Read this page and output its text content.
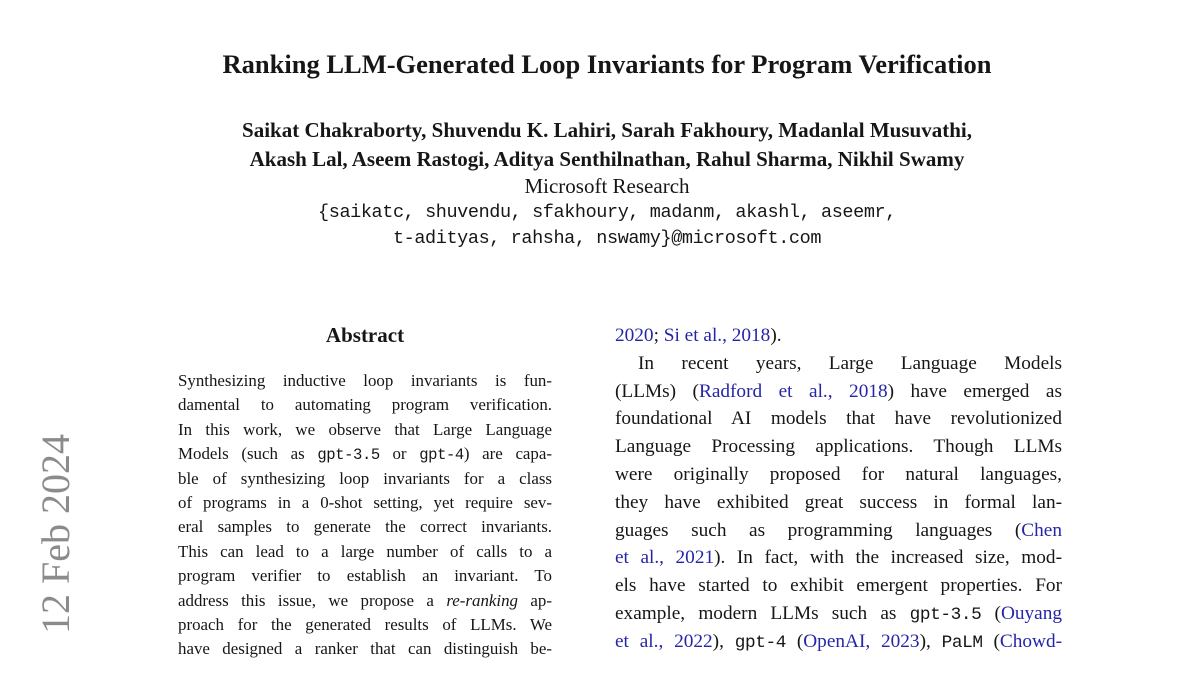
12 Feb 2024
Ranking LLM-Generated Loop Invariants for Program Verification
Saikat Chakraborty, Shuvendu K. Lahiri, Sarah Fakhoury, Madanlal Musuvathi,
Akash Lal, Aseem Rastogi, Aditya Senthilnathan, Rahul Sharma, Nikhil Swamy
Microsoft Research
{saikatc, shuvendu, sfakhoury, madanm, akashl, aseemr,
t-adityas, rahsha, nswamy}@microsoft.com
Abstract
Synthesizing inductive loop invariants is fun-
damental to automating program verification.
In this work, we observe that Large Language
Models (such as gpt-3.5 or gpt-4) are capa-
ble of synthesizing loop invariants for a class
of programs in a 0-shot setting, yet require sev-
eral samples to generate the correct invariants.
This can lead to a large number of calls to a
program verifier to establish an invariant. To
address this issue, we propose a re-ranking ap-
proach for the generated results of LLMs. We
have designed a ranker that can distinguish be-
2020; Si et al., 2018).
In recent years, Large Language Models
(LLMs) (Radford et al., 2018) have emerged as
foundational AI models that have revolutionized
Language Processing applications. Though LLMs
were originally proposed for natural languages,
they have exhibited great success in formal lan-
guages such as programming languages (Chen
et al., 2021). In fact, with the increased size, mod-
els have started to exhibit emergent properties. For
example, modern LLMs such as gpt-3.5 (Ouyang
et al., 2022), gpt-4 (OpenAI, 2023), PaLM (Chowd-
